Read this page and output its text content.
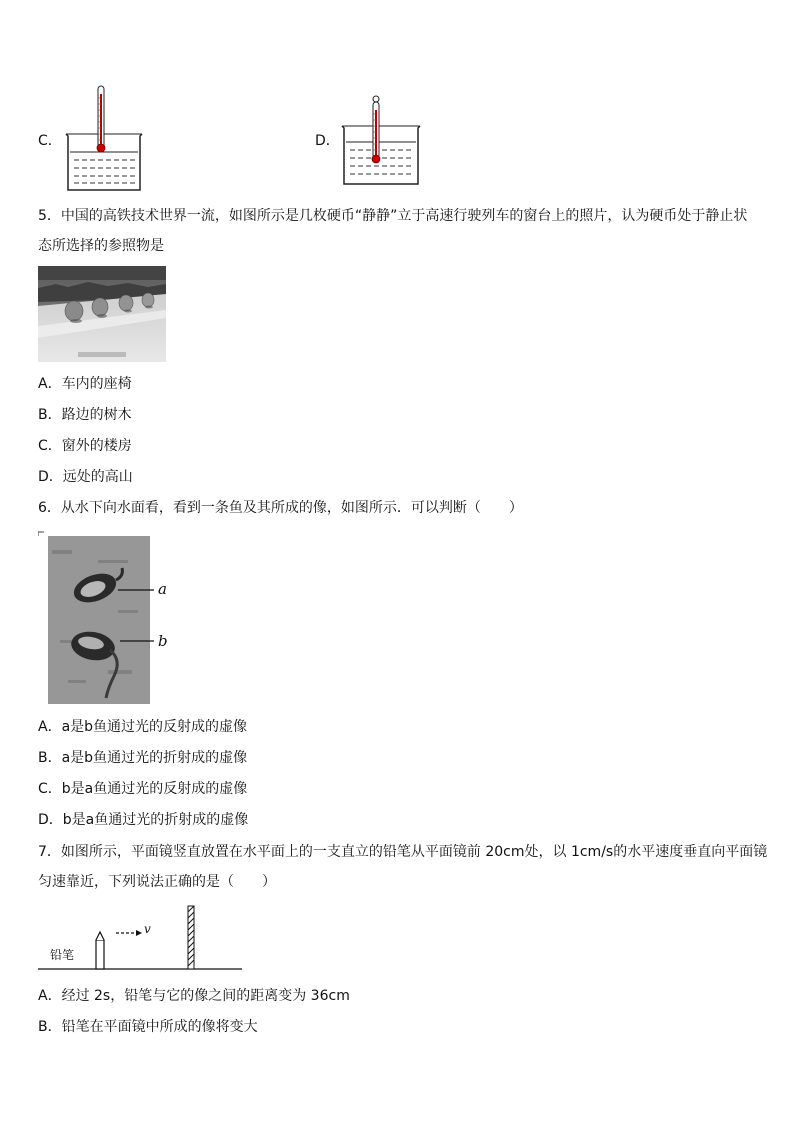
C．	D．
5．中国的高铁技术世界一流，如图所示是几枚硬币“静静”立于高速行驶列车的窗台上的照片，认为硬币处于静止状
态所选择的参照物是
A．车内的座椅
B．路边的树木
C．窗外的楼房
D．远处的高山
6．从水下向水面看，看到一条鱼及其所成的像，如图所示．可以判断（　　）
a
b
A．a是b鱼通过光的反射成的虚像
B．a是b鱼通过光的折射成的虚像
C．b是a鱼通过光的反射成的虚像
D．b是a鱼通过光的折射成的虚像
7．如图所示，平面镜竖直放置在水平面上的一支直立的铅笔从平面镜前 20cm处，以 1cm/s的水平速度垂直向平面镜
匀速靠近，下列说法正确的是（　　）
铅笔
v
A．经过 2s，铅笔与它的像之间的距离变为 36cm
B．铅笔在平面镜中所成的像将变大
